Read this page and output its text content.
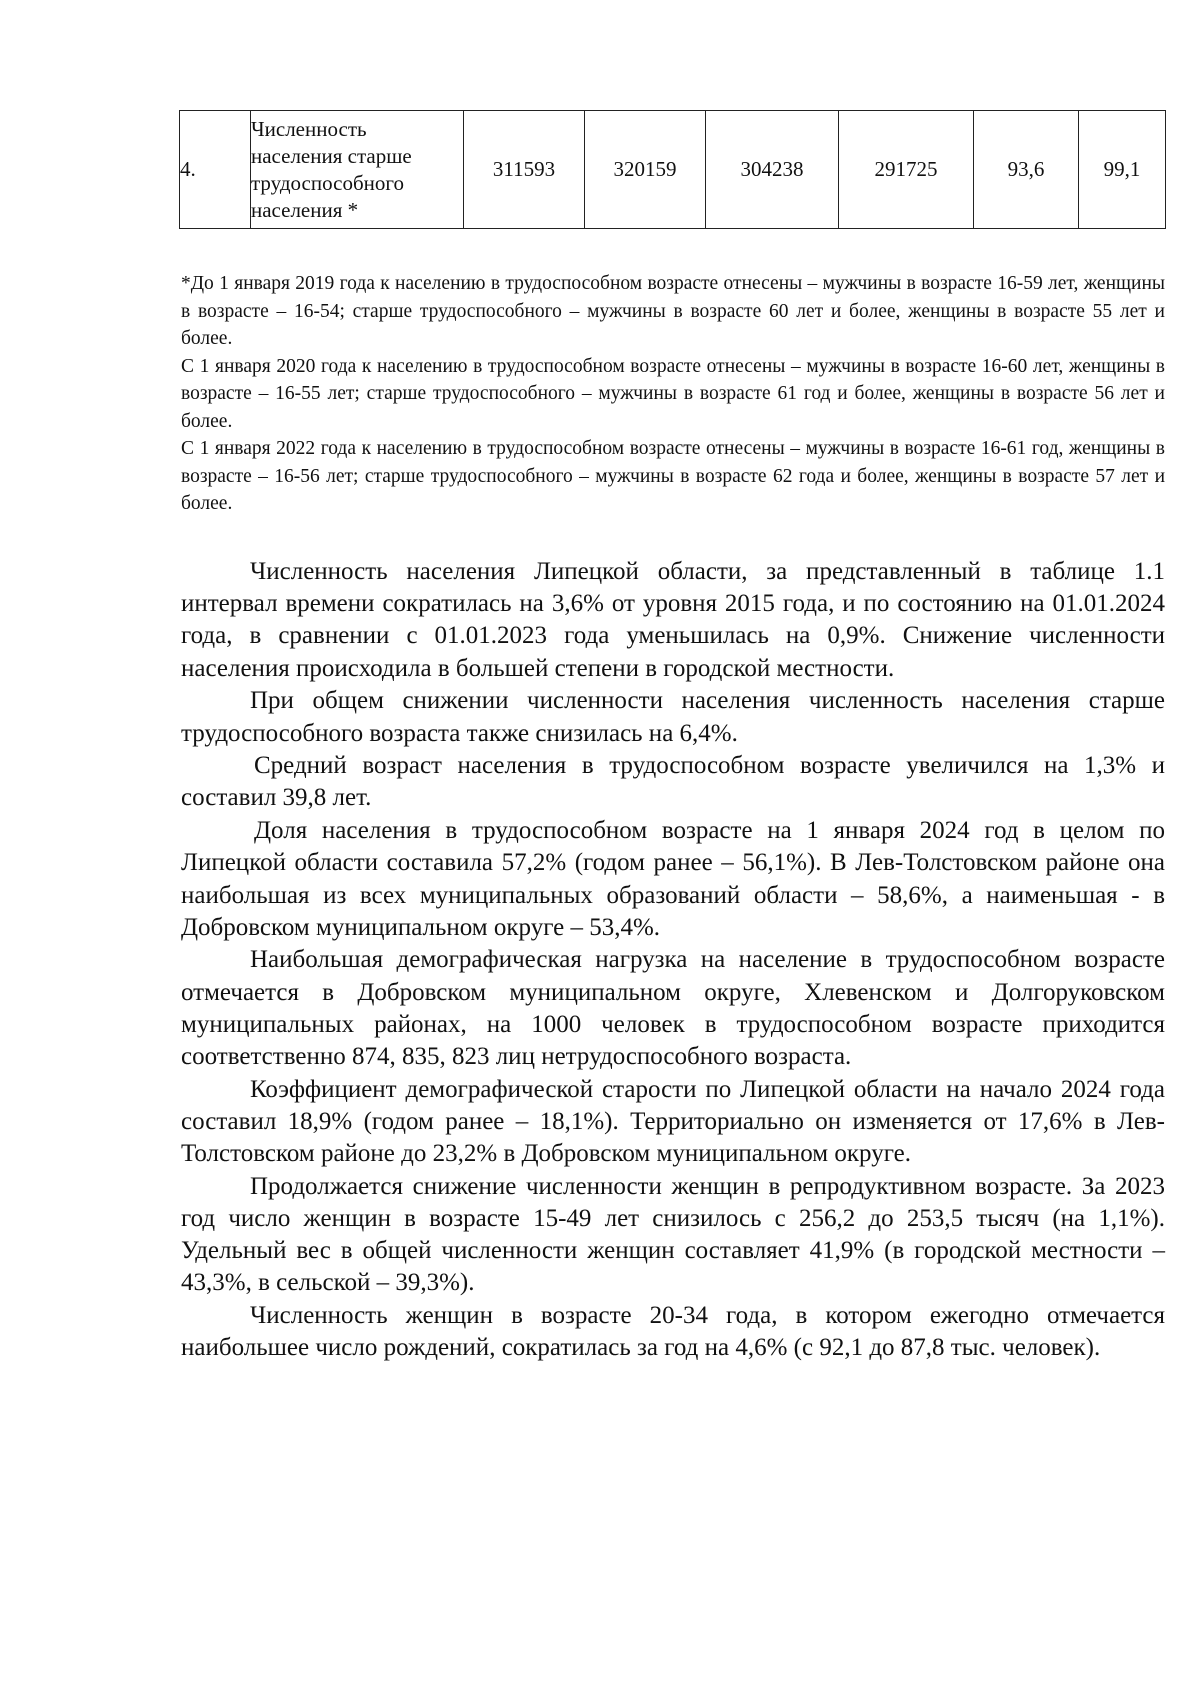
4.	Численность населения старше трудоспособного населения *	311593	320159	304238	291725	93,6	99,1

*До 1 января 2019 года к населению в трудоспособном возрасте отнесены – мужчины в возрасте 16-59 лет, женщины в возрасте – 16-54; старше трудоспособного – мужчины в возрасте 60 лет и более, женщины в возрасте 55 лет и более.

С 1 января 2020 года к населению в трудоспособном возрасте отнесены – мужчины в возрасте 16-60 лет, женщины в возрасте – 16-55 лет; старше трудоспособного – мужчины в возрасте 61 год и более, женщины в возрасте 56 лет и более.

С 1 января 2022 года к населению в трудоспособном возрасте отнесены – мужчины в возрасте 16-61 год, женщины в возрасте – 16-56 лет; старше трудоспособного – мужчины в возрасте 62 года и более, женщины в возрасте 57 лет и более.

Численность населения Липецкой области, за представленный в таблице 1.1 интервал времени сократилась на 3,6% от уровня 2015 года, и по состоянию на 01.01.2024 года, в сравнении с 01.01.2023 года уменьшилась на 0,9%. Снижение численности населения происходила в большей степени в городской местности.

При общем снижении численности населения численность населения старше трудоспособного возраста также снизилась на 6,4%.

Средний возраст населения в трудоспособном возрасте увеличился на 1,3% и составил 39,8 лет.

Доля населения в трудоспособном возрасте на 1 января 2024 год в целом по Липецкой области составила 57,2% (годом ранее – 56,1%). В Лев-Толстовском районе она наибольшая из всех муниципальных образований области – 58,6%, а наименьшая - в Добровском муниципальном округе – 53,4%.

Наибольшая демографическая нагрузка на население в трудоспособном возрасте отмечается в Добровском муниципальном округе, Хлевенском и Долгоруковском муниципальных районах, на 1000 человек в трудоспособном возрасте приходится соответственно 874, 835, 823 лиц нетрудоспособного возраста.

Коэффициент демографической старости по Липецкой области на начало 2024 года составил 18,9% (годом ранее – 18,1%). Территориально он изменяется от 17,6% в Лев-Толстовском районе до 23,2% в Добровском муниципальном округе.

Продолжается снижение численности женщин в репродуктивном возрасте. За 2023 год число женщин в возрасте 15-49 лет снизилось с 256,2 до 253,5 тысяч (на 1,1%). Удельный вес в общей численности женщин составляет 41,9% (в городской местности – 43,3%, в сельской – 39,3%).

Численность женщин в возрасте 20-34 года, в котором ежегодно отмечается наибольшее число рождений, сократилась за год на 4,6% (с 92,1 до 87,8 тыс. человек).
